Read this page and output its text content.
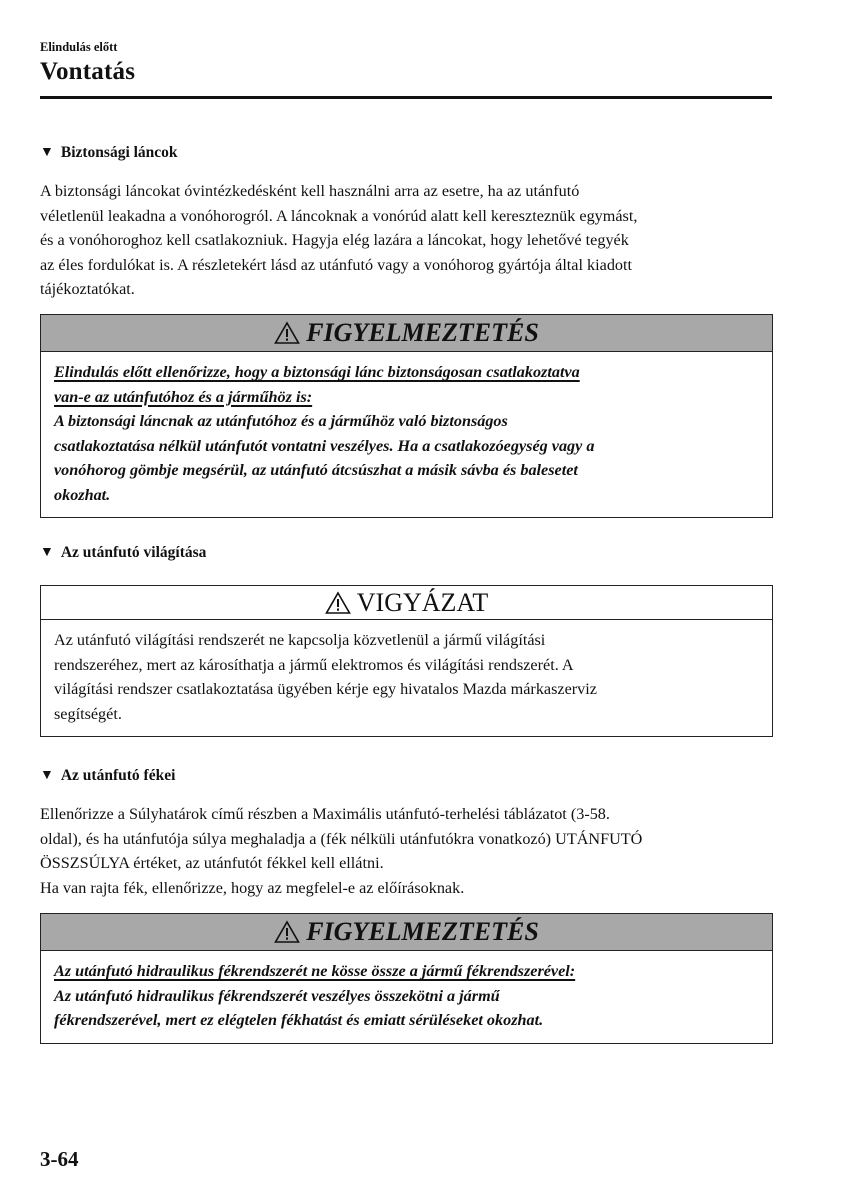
Elindulás előtt
Vontatás
▼ Biztonsági láncok

A biztonsági láncokat óvintézkedésként kell használni arra az esetre, ha az utánfutó

véletlenül leakadna a vonóhorogról. A láncoknak a vonórúd alatt kell kereszteznük egymást,

és a vonóhoroghoz kell csatlakozniuk. Hagyja elég lazára a láncokat, hogy lehetővé tegyék

az éles fordulókat is. A részletekért lásd az utánfutó vagy a vonóhorog gyártója által kiadott

tájékoztatókat.

FIGYELMEZTETÉS
Elindulás előtt ellenőrizze, hogy a biztonsági lánc biztonságosan csatlakoztatva
van-e az utánfutóhoz és a járműhöz is:
A biztonsági láncnak az utánfutóhoz és a járműhöz való biztonságos
csatlakoztatása nélkül utánfutót vontatni veszélyes. Ha a csatlakozóegység vagy a
vonóhorog gömbje megsérül, az utánfutó átcsúszhat a másik sávba és balesetet
okozhat.
▼ Az utánfutó világítása
VIGYÁZAT
Az utánfutó világítási rendszerét ne kapcsolja közvetlenül a jármű világítási
rendszeréhez, mert az károsíthatja a jármű elektromos és világítási rendszerét. A
világítási rendszer csatlakoztatása ügyében kérje egy hivatalos Mazda márkaszerviz
segítségét.
▼ Az utánfutó fékei

Ellenőrizze a Súlyhatárok című részben a Maximális utánfutó-terhelési táblázatot (3-58.

oldal), és ha utánfutója súlya meghaladja a (fék nélküli utánfutókra vonatkozó) UTÁNFUTÓ

ÖSSZSÚLYA értéket, az utánfutót fékkel kell ellátni.

Ha van rajta fék, ellenőrizze, hogy az megfelel-e az előírásoknak.

FIGYELMEZTETÉS
Az utánfutó hidraulikus fékrendszerét ne kösse össze a jármű fékrendszerével:
Az utánfutó hidraulikus fékrendszerét veszélyes összekötni a jármű
fékrendszerével, mert ez elégtelen fékhatást és emiatt sérüléseket okozhat.
3-64
